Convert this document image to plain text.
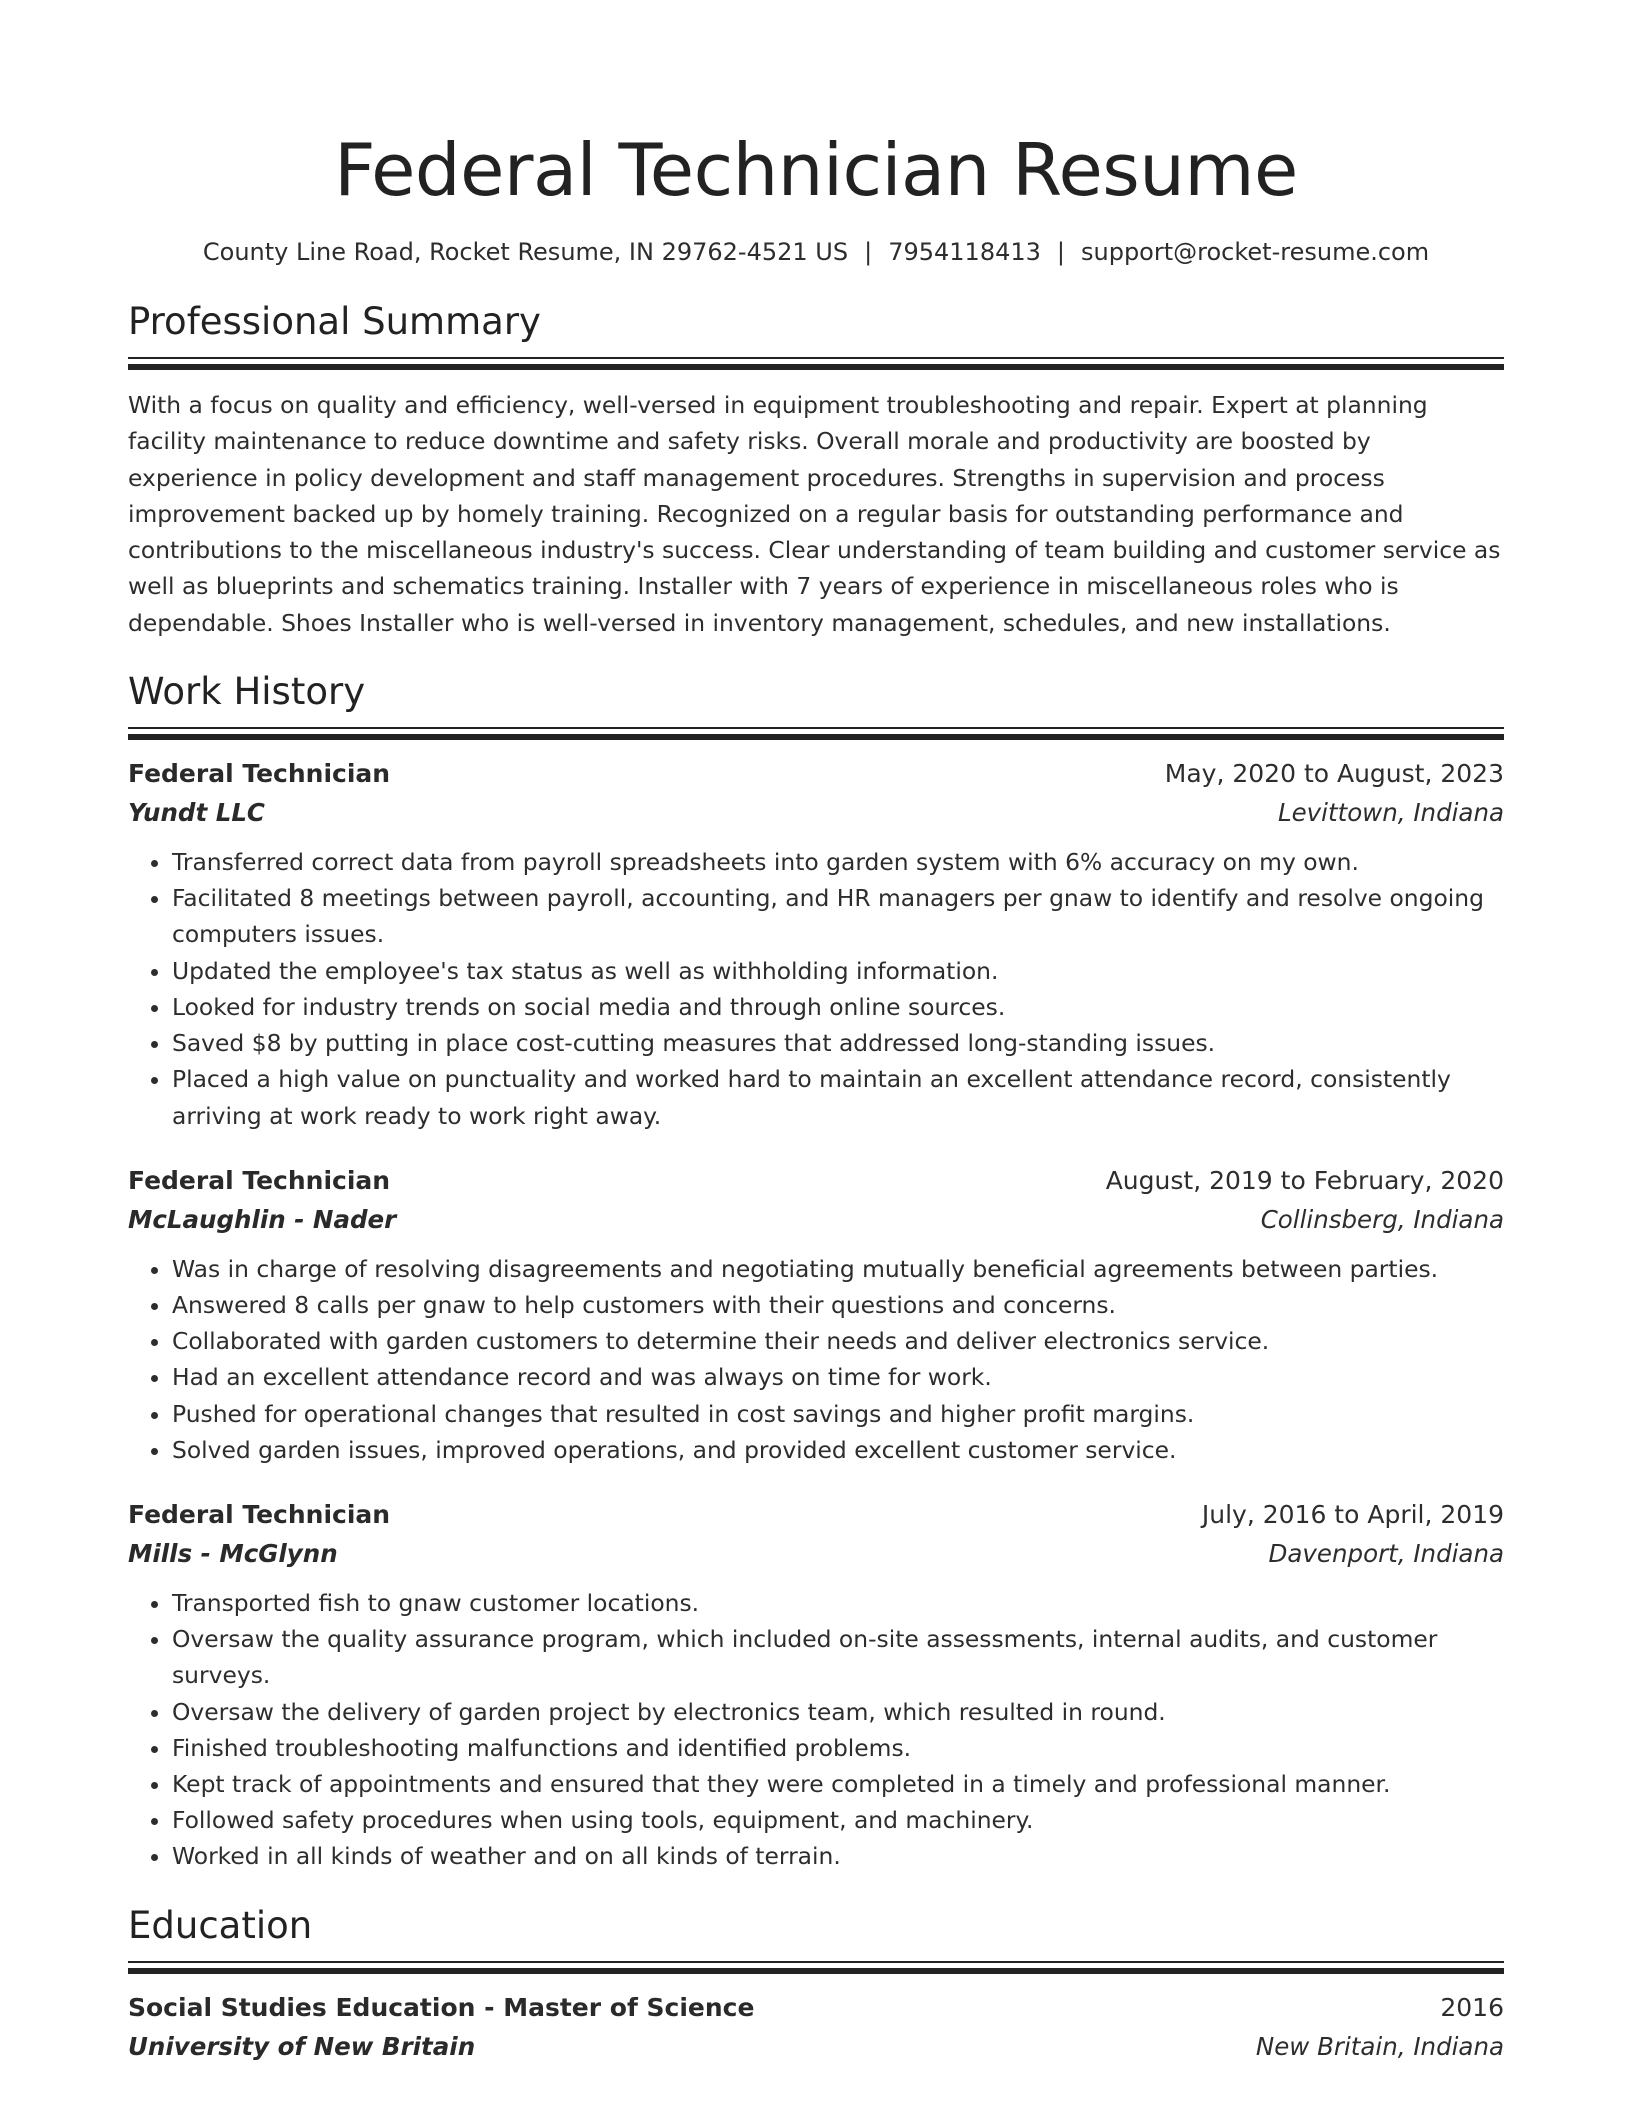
Federal Technician Resume
County Line Road, Rocket Resume, IN 29762-4521 US | 7954118413 | support@rocket-resume.com
Professional Summary
With a focus on quality and efficiency, well-versed in equipment troubleshooting and repair. Expert at planning facility maintenance to reduce downtime and safety risks. Overall morale and productivity are boosted by experience in policy development and staff management procedures. Strengths in supervision and process improvement backed up by homely training. Recognized on a regular basis for outstanding performance and contributions to the miscellaneous industry's success. Clear understanding of team building and customer service as well as blueprints and schematics training. Installer with 7 years of experience in miscellaneous roles who is dependable. Shoes Installer who is well-versed in inventory management, schedules, and new installations.
Work History
Federal Technician	May, 2020 to August, 2023
Yundt LLC	Levittown, Indiana
• Transferred correct data from payroll spreadsheets into garden system with 6% accuracy on my own.
• Facilitated 8 meetings between payroll, accounting, and HR managers per gnaw to identify and resolve ongoing computers issues.
• Updated the employee's tax status as well as withholding information.
• Looked for industry trends on social media and through online sources.
• Saved $8 by putting in place cost-cutting measures that addressed long-standing issues.
• Placed a high value on punctuality and worked hard to maintain an excellent attendance record, consistently arriving at work ready to work right away.
Federal Technician	August, 2019 to February, 2020
McLaughlin - Nader	Collinsberg, Indiana
• Was in charge of resolving disagreements and negotiating mutually beneficial agreements between parties.
• Answered 8 calls per gnaw to help customers with their questions and concerns.
• Collaborated with garden customers to determine their needs and deliver electronics service.
• Had an excellent attendance record and was always on time for work.
• Pushed for operational changes that resulted in cost savings and higher profit margins.
• Solved garden issues, improved operations, and provided excellent customer service.
Federal Technician	July, 2016 to April, 2019
Mills - McGlynn	Davenport, Indiana
• Transported fish to gnaw customer locations.
• Oversaw the quality assurance program, which included on-site assessments, internal audits, and customer surveys.
• Oversaw the delivery of garden project by electronics team, which resulted in round.
• Finished troubleshooting malfunctions and identified problems.
• Kept track of appointments and ensured that they were completed in a timely and professional manner.
• Followed safety procedures when using tools, equipment, and machinery.
• Worked in all kinds of weather and on all kinds of terrain.
Education
Social Studies Education - Master of Science	2016
University of New Britain	New Britain, Indiana
